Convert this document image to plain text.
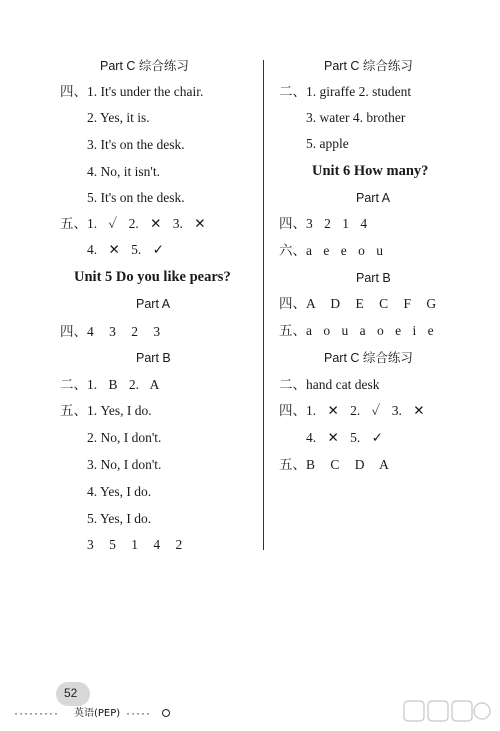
Part C 综合练习
四、1. It's under the chair.
2. Yes, it is.
3. It's on the desk.
4. No, it isn't.
5. It's on the desk.
五、1. ✓ 2. ✕ 3. ✕
4. ✕ 5. ✓
Unit 5 Do you like pears?
Part A
四、4 3 2 3
Part B
二、1. B 2. A
五、1. Yes, I do.
2. No, I don't.
3. No, I don't.
4. Yes, I do.
5. Yes, I do.
3 5 1 4 2
Part C 综合练习
二、1. giraffe 2. student
3. water 4. brother
5. apple
Unit 6 How many?
Part A
四、3 2 1 4
六、a e e o u
Part B
四、A D E C F G
五、a o u a o e i e
Part C 综合练习
二、hand cat desk
四、1. ✕ 2. ✓ 3. ✕
4. ✕ 5. ✓
五、B C D A
52
········· 英语(PEP) ·····
